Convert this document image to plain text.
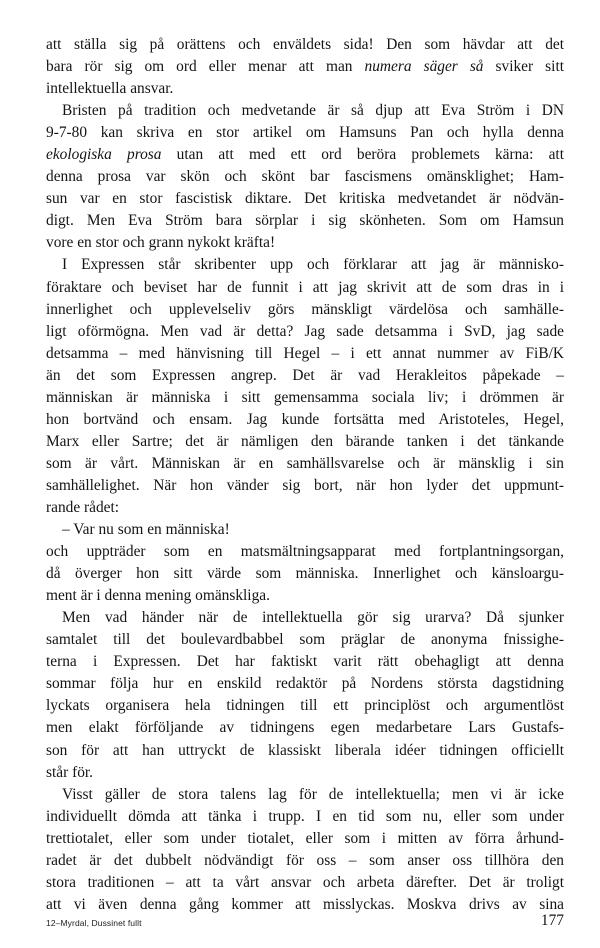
att ställa sig på orättens och enväldets sida! Den som hävdar att det
bara rör sig om ord eller menar att man numera säger så sviker sitt
intellektuella ansvar.
Bristen på tradition och medvetande är så djup att Eva Ström i DN
9-7-80 kan skriva en stor artikel om Hamsuns Pan och hylla denna
ekologiska prosa utan att med ett ord beröra problemets kärna: att
denna prosa var skön och skönt bar fascismens omänsklighet; Ham-
sun var en stor fascistisk diktare. Det kritiska medvetandet är nödvän-
digt. Men Eva Ström bara sörplar i sig skönheten. Som om Hamsun
vore en stor och grann nykokt kräfta!
I Expressen står skribenter upp och förklarar att jag är människo-
föraktare och beviset har de funnit i att jag skrivit att de som dras in i
innerlighet och upplevelseliv görs mänskligt värdelösa och samhälle-
ligt oförmögna. Men vad är detta? Jag sade detsamma i SvD, jag sade
detsamma – med hänvisning till Hegel – i ett annat nummer av FiB/K
än det som Expressen angrep. Det är vad Herakleitos påpekade –
människan är människa i sitt gemensamma sociala liv; i drömmen är
hon bortvänd och ensam. Jag kunde fortsätta med Aristoteles, Hegel,
Marx eller Sartre; det är nämligen den bärande tanken i det tänkande
som är vårt. Människan är en samhällsvarelse och är mänsklig i sin
samhällelighet. När hon vänder sig bort, när hon lyder det uppmunt-
rande rådet:
– Var nu som en människa!
och uppträder som en matsmältningsapparat med fortplantningsorgan,
då överger hon sitt värde som människa. Innerlighet och känsloargu-
ment är i denna mening omänskliga.
Men vad händer när de intellektuella gör sig urarva? Då sjunker
samtalet till det boulevardbabbel som präglar de anonyma fnissighe-
terna i Expressen. Det har faktiskt varit rätt obehagligt att denna
sommar följa hur en enskild redaktör på Nordens största dagstidning
lyckats organisera hela tidningen till ett principlöst och argumentlöst
men elakt förföljande av tidningens egen medarbetare Lars Gustafs-
son för att han uttryckt de klassiskt liberala idéer tidningen officiellt
står för.
Visst gäller de stora talens lag för de intellektuella; men vi är icke
individuellt dömda att tänka i trupp. I en tid som nu, eller som under
trettiotalet, eller som under tiotalet, eller som i mitten av förra århund-
radet är det dubbelt nödvändigt för oss – som anser oss tillhöra den
stora traditionen – att ta vårt ansvar och arbeta därefter. Det är troligt
att vi även denna gång kommer att misslyckas. Moskva drivs av sina
12–Myrdal, Dussinet fullt	177
